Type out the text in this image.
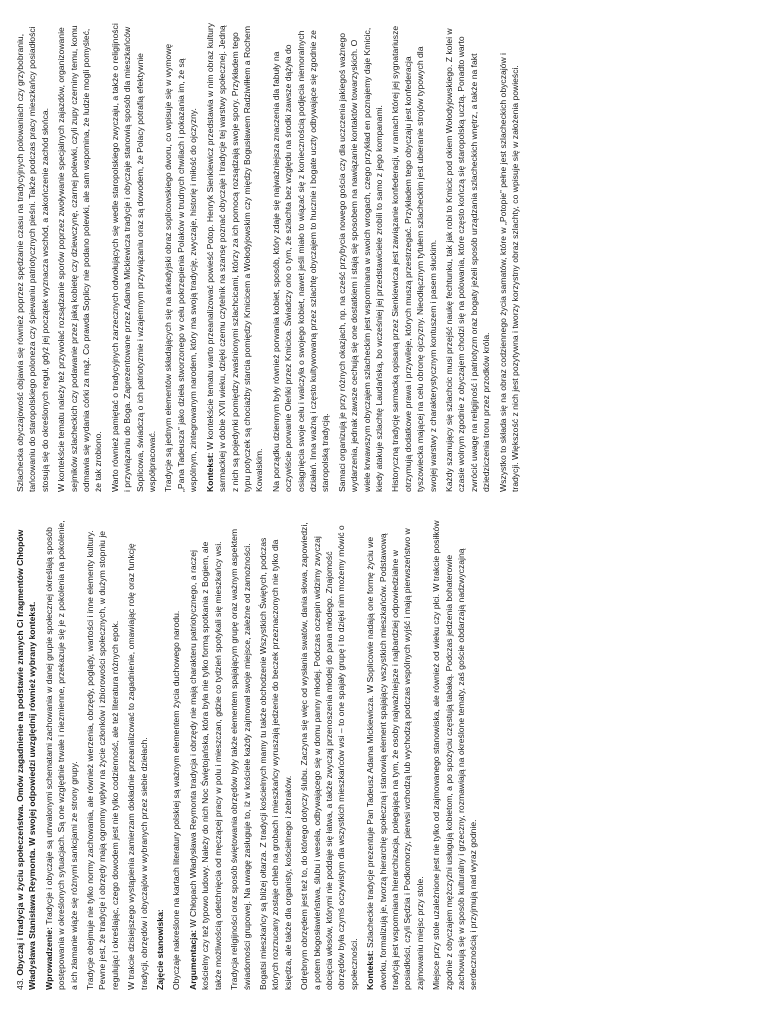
43. Obyczaj i tradycja w życiu społeczeństwa. Omów zagadnienie na podstawie znanych Ci fragmentów Chłopów Władysława Stanisława Reymonta. W swojej odpowiedzi uwzględnij również wybrany kontekst. Wprowadzenie: Tradycje i obyczaje są utrwalonymi schematami zachowania w danej grupie społecznej określają sposób postępowania w określonych sytuacjach. Są one względnie trwałe i niezmienne, przekazuje się je z pokolenia na pokolenie, a ich złamanie wiąże się różnymi sankcjami ze strony grupy. Tradycje obejmuje nie tylko normy zachowania, ale również wierzenia, obrzędy, poglądy, wartości i inne elementy kultury. Pewne jest, że tradycje i obrzędy mają ogromny wpływ na życie członków i zbiorowości społecznych, w dużym stopniu je regulując i określając, czego dowodem jest nie tylko codzienność, ale też literatura różnych epok. W trakcie dzisiejszego wystąpienia zamierzam dokładnie przeanalizować to zagadnienie, omawiając rolę oraz funkcję tradycji, obrzędów i obyczajów w wybranych przez siebie dziełach. Zajęcie stanowiska: Obyczaje nakreślone na kartach literatury polskiej są ważnym elementem życia duchowego narodu. Argumentacja: W Chłopach Władysława Reymonta tradycja i obrzędy nie mają charakteru patriotycznego, a raczej kościelny czy też typowo ludowy. Należy do nich Noc Świętojańska, która była nie tylko formą spotkania z Bogiem, ale także możliwością odetchnięcia od męczącej pracy w polu i mieszczan, gdzie co tydzień spotykali się mieszkańcy wsi. Tradycja religijności oraz sposób świętowania obrzędów były także elementem spajającym grupę oraz ważnym aspektem świadomości grupowej. Na uwagę zasługuje to, iż w kościele każdy zajmował swoje miejsce, zależne od zamożności. Bogatsi mieszkańcy są bliżej ołtarza. Z tradycji kościelnych mamy tu także obchodzenie Wszystkich Świętych, podczas których rozrzucany zostaje chleb na grobach i mieszkańcy wyruszają jedzenie do beczek przeznaczonych nie tylko dla księdza, ale także dla organisty, kościelnego i żebraków. Odrębnym obrzędem jest też to, do którego dotyczy ślubu. Zaczyna się więc od wysłania swatów, dania słowa, zapowiedzi, a potem błogosławieństwa, ślubu i wesela, odbywającego się w domu panny młodej. Podczas oczepin widzimy zwyczaj obcięcia włosów, którymi nie poddaje się łatwa, a także zwyczaj przenoszenia młodej do pana młodego. Znajomość obrzędów była czymś oczywistym dla wszystkich mieszkańców wsi – to one spajały grupę i to dzięki nim możemy mówić o społeczności. Kontekst: Szlacheckie tradycje prezentuje Pan Tadeusz Adama Mickiewicza. W Soplicowie nadają one formę życiu we dworku, formalizują je, tworzą hierarchię społeczną i stanowią element spajający wszystkich mieszkańców. Podstawową tradycją jest wspomniana hierarchizacja, polegająca na tym, że osoby najważniejsze i najbardziej odpowiedzialne w posiadłości, czyli Sędzia i Podkomorzy, pierwsi wchodzą lub wychodzą podczas wspólnych wyjść i mają pierwszeństwo w zajmowaniu miejsc przy stole. Miejsce przy stole uzależnione jest nie tylko od zajmowanego stanowiska, ale również od wieku czy płci. W trakcie posiłków zgodnie z obyczajem mężczyźni usługują kobietom, a po spożyciu częstują tabaką. Podczas jedzenia bohaterowie zachowują się w sposób kulturalny i grzeczny, rozmawiają na określone tematy, zaś goście obdarzają nadzwyczajną serdecznością i przyjmują nad wyraz godnie.

Szlachecka obyczajowość objawia się również poprzez spędzanie czasu na tradycyjnych polowaniach czy grzybobraniu, tańcowaniu do staropolskiego poloneza czy śpiewaniu patriotycznych pieśni. Także podczas pracy mieszkańcy posiadłości stosują się do określonych reguł, gdyż jej początek wyznacza wschód, a zakończenie zachód słońca. W kontekście tematu należy też przywołać rozsądzanie sporów poprzez zwoływanie specjalnych zajazdów, organizowanie sejmików szlacheckich czy podawanie przez jaką kobietę czy dziewczynę, czarnej polewki, czyli zupy czerniny temu, komu odmawia się wydania córki za mąż. Co prawda Soplicy nie podano polewki, ale sam wspomina, że ludzie mogli pomyśleć, że tak zrobiono. Warto również pamiętać o tradycyjnych zarzecznych odwołujących się wedle staropolskiego zwyczaju, a także o religijności i przywiązaniu do Boga. Zaprezentowane przez Adama Mickiewicza tradycje i obyczaje stanowią sposób dla mieszkańców Soplicowa, świadczą o ich patriotyzmie i wzajemnym przywiązaniu oraz są dowodem, że Polacy potrafią efektywnie współpracować. Tradycje są jednym elementów składających się na arkadyjski obraz soplicowskiego dworu, co wpisuje się w wymowę „Pana Tadeusza” jako dzieła stworzonego w celu pokrzepienia Polaków w trudnych chwilach i pokazania im, że są wspólnym, zintegrowanym narodem, który ma swoją tradycję, zwyczaje, historię i miłość do ojczyzny. Kontekst: W kontekście tematu warto przeanalizować powieść Potop. Henryk Sienkiewicz przedstawia w nim obraz kultury sarmackiej w dobie XVII wieku, dzięki czemu czytelnik na szansę poznać obyczaje i tradycje tej warstwy społecznej. Jedną z nich są pojedynki pomiędzy zwaśnionymi szlachcicami, którzy za ich pomocą rozsądzają swoje spory. Przykładem tego typu potyczek są chociażby starcia pomiędzy Kmicicem a Wołodyjowskim czy między Bogusławem Radziwiłłem a Rochem Kowalskim. Na porządku dziennym były również porwania kobiet, sposób, który zdaje się najważniejsza znaczenia dla fabuły na oczywiście porwanie Oleńki przez Kmicica. Świadczy ono o tym, że szlachta bez względu na środki zawsze dążyła do osiągnięcia swoje celu i walczyła o swojego kobiet, nawet jeśli miało to wiązać się z koniecznością podjęcia niemoralnych działań. Inna ważną i często kultywowaną przez szlachtę obyczajem to hucznie i bogate uczty odbywające się zgodnie ze staropolską tradycją. Samaci organizują je przy różnych okazjach, np. na cześć przybycia nowego gościa czy dla uczczenia jakiegoś ważnego wydarzenia, jednak zawsze cechują się one dostatkiem i stają się sposobem na nawiązanie kontaktów towarzyskich. O wiele krwawszym obyczajem szlacheckim jest wspominana w swoich wrogach, czego przykład en poznajemy daje Kmicic, kiedy atakuje szlachtę Laudańską, bo wcześniej jej przedstawiciele zrobili to samo z jego kompanami. Historyczną tradycję sarmacką opisaną przez Sienkiewicza jest zawiązanie konfederacji, w ramach której jej sygnatariusze otrzymują dodatkowe prawa i przywileje, których muszą przestrzegać. Przykładem tego obyczaju jest konfederacja tyszowiecka mającej na celu obronę ojczyzny. Nieodłącznym tytułem szlacheckim jest ubieranie strojów typowych dla swojej warstwy z charakterystycznym kontuszem i pasem słuckim. Każdy szanujący się szlachcic musi przejść naukę fechtunku, tak jak robi to Kmicic pod okiem Wołodyjowskiego. Z kolei w czasie wolnym zgodnie z obyczajem chodzi się na polowania, które często kończą się staropolską ucztą. Ponadto warto zwrócić uwagę na religijność i patriotyzm oraz bogaty jeżeli sposób urządzania szlacheckich wnętrz, a także na fakt dziedziczenia tronu przez przodków króla. Wszystko to składa się na obraz codziennego życia samatów, które w „Potopie” pełne jest szlacheckich obyczajów i tradycji. Większość z nich jest pozytywna i tworzy korzystny obraz szlachty, co wpisuje się w założenia powieści.
